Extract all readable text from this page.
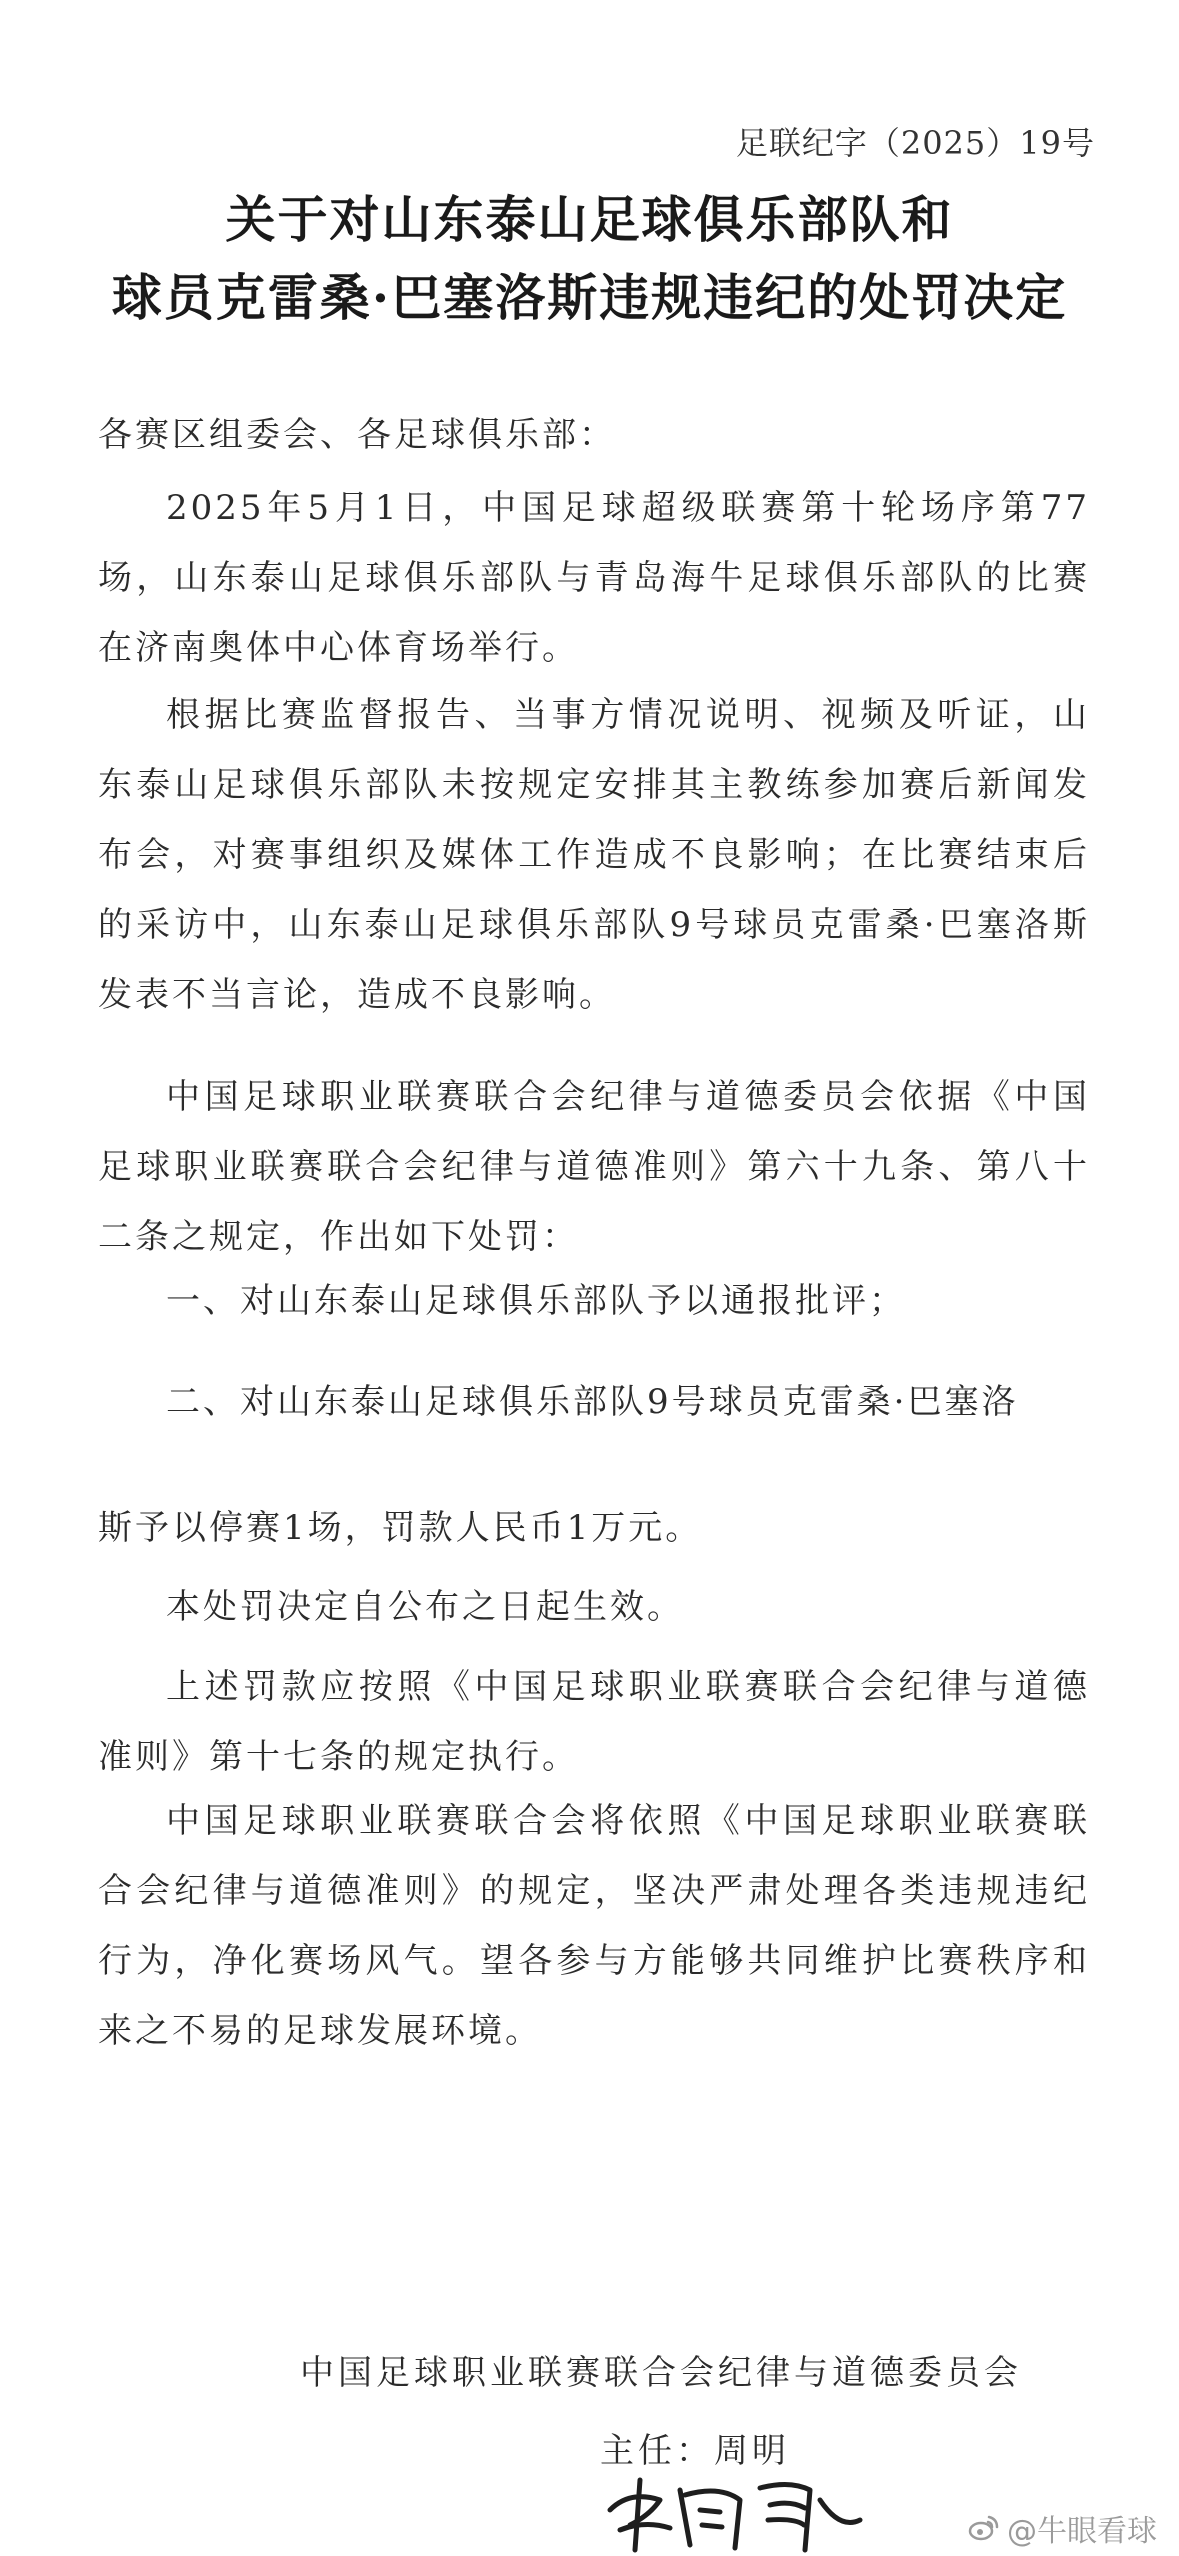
足联纪字（2025）19号
关于对山东泰山足球俱乐部队和
球员克雷桑·巴塞洛斯违规违纪的处罚决定

各赛区组委会、各足球俱乐部：

2025年5月1日，中国足球超级联赛第十轮场序第77场，山东泰山足球俱乐部队与青岛海牛足球俱乐部队的比赛在济南奥体中心体育场举行。

根据比赛监督报告、当事方情况说明、视频及听证，山东泰山足球俱乐部队未按规定安排其主教练参加赛后新闻发布会，对赛事组织及媒体工作造成不良影响；在比赛结束后的采访中，山东泰山足球俱乐部队9号球员克雷桑·巴塞洛斯发表不当言论，造成不良影响。

中国足球职业联赛联合会纪律与道德委员会依据《中国足球职业联赛联合会纪律与道德准则》第六十九条、第八十二条之规定，作出如下处罚：

一、对山东泰山足球俱乐部队予以通报批评；

二、对山东泰山足球俱乐部队9号球员克雷桑·巴塞洛

斯予以停赛1场，罚款人民币1万元。

本处罚决定自公布之日起生效。

上述罚款应按照《中国足球职业联赛联合会纪律与道德准则》第十七条的规定执行。

中国足球职业联赛联合会将依照《中国足球职业联赛联合会纪律与道德准则》的规定，坚决严肃处理各类违规违纪行为，净化赛场风气。望各参与方能够共同维护比赛秩序和来之不易的足球发展环境。

中国足球职业联赛联合会纪律与道德委员会
主任：周明
@牛眼看球
